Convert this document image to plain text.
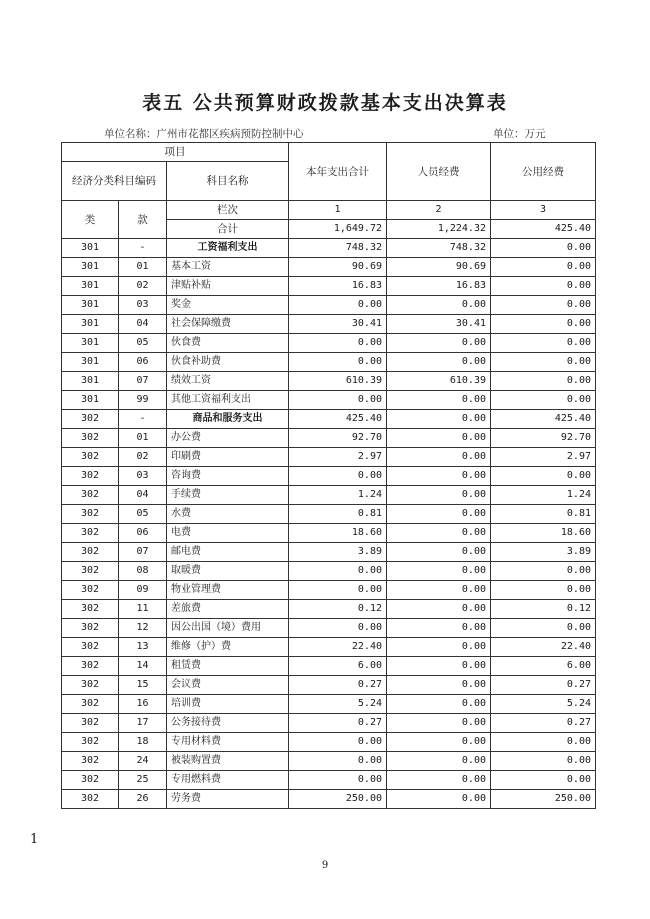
表五 公共预算财政拨款基本支出决算表
单位名称：广州市花都区疾病预防控制中心	单位：万元
项目			本年支出合计	人员经费	公用经费
经济分类科目编码		科目名称			
类	款	栏次	1	2	3
		合计	1,649.72	1,224.32	425.40
301	-	工资福利支出	748.32	748.32	0.00
301	01	基本工资	90.69	90.69	0.00
301	02	津贴补贴	16.83	16.83	0.00
301	03	奖金	0.00	0.00	0.00
301	04	社会保障缴费	30.41	30.41	0.00
301	05	伙食费	0.00	0.00	0.00
301	06	伙食补助费	0.00	0.00	0.00
301	07	绩效工资	610.39	610.39	0.00
301	99	其他工资福利支出	0.00	0.00	0.00
302	-	商品和服务支出	425.40	0.00	425.40
302	01	办公费	92.70	0.00	92.70
302	02	印刷费	2.97	0.00	2.97
302	03	咨询费	0.00	0.00	0.00
302	04	手续费	1.24	0.00	1.24
302	05	水费	0.81	0.00	0.81
302	06	电费	18.60	0.00	18.60
302	07	邮电费	3.89	0.00	3.89
302	08	取暖费	0.00	0.00	0.00
302	09	物业管理费	0.00	0.00	0.00
302	11	差旅费	0.12	0.00	0.12
302	12	因公出国（境）费用	0.00	0.00	0.00
302	13	维修（护）费	22.40	0.00	22.40
302	14	租赁费	6.00	0.00	6.00
302	15	会议费	0.27	0.00	0.27
302	16	培训费	5.24	0.00	5.24
302	17	公务接待费	0.27	0.00	0.27
302	18	专用材料费	0.00	0.00	0.00
302	24	被装购置费	0.00	0.00	0.00
302	25	专用燃料费	0.00	0.00	0.00
302	26	劳务费	250.00	0.00	250.00
1
9
